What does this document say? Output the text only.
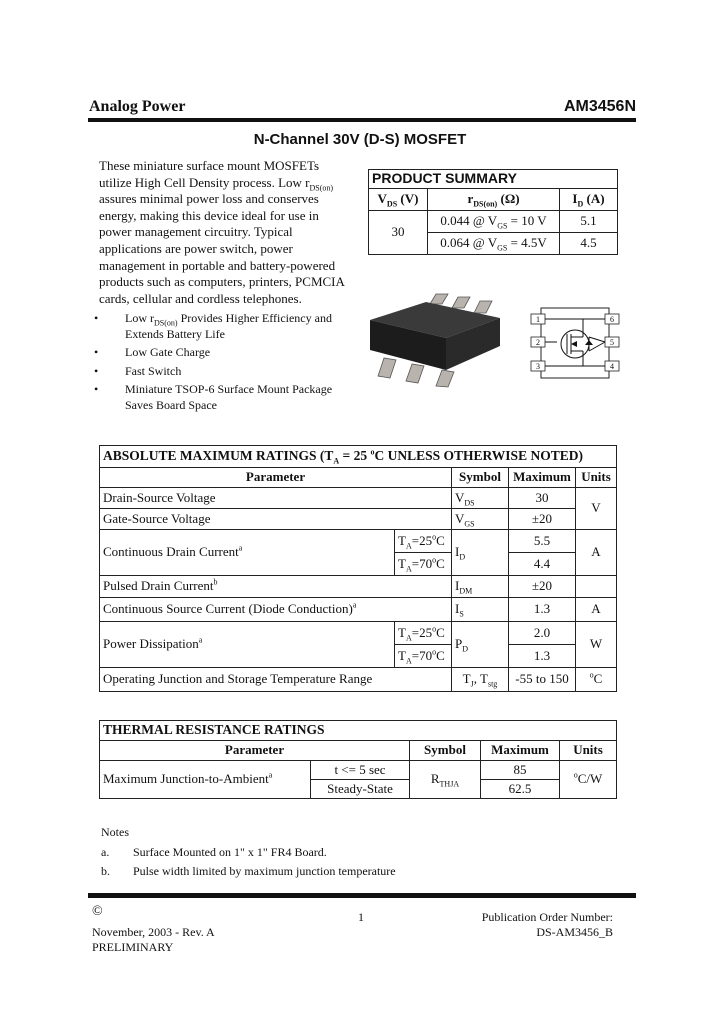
Analog Power	AM3456N
N-Channel 30V (D-S) MOSFET
These miniature surface mount MOSFETs
utilize High Cell Density process. Low $r_{DS(on)}$
assures minimal power loss and conserves
energy, making this device ideal for use in
power management circuitry. Typical
applications are power switch, power
management in portable and battery-powered
products such as computers, printers, PCMCIA
cards, cellular and cordless telephones.
• Low $r_{DS(on)}$ Provides Higher Efficiency and
Extends Battery Life
• Low Gate Charge
• Fast Switch
• Miniature TSOP-6 Surface Mount Package
Saves Board Space
PRODUCT SUMMARY		
$V_{DS}$ (V)	$r_{DS(on)}$ (Ω)	$I_D$ (A)
30	0.044 @ $V_{GS} = 10$ V	5.1
	0.064 @ $V_{GS} = 4.5V$	4.5
1
2
3	4
5
6
ABSOLUTE MAXIMUM RATINGS ($T_A = 25$ $^o$C UNLESS OTHERWISE NOTED)				
Parameter		Symbol	Maximum	Units
Drain-Source Voltage		$V_{DS}$	30	V
Gate-Source Voltage		$V_{GS}$	±20	
Continuous Drain Current$^a$	$T_A=25^oC$	$I_D$	5.5	A
	$T_A=70^oC$		4.4	
Pulsed Drain Current$^b$		$I_{DM}$	±20	
Continuous Source Current (Diode Conduction)$^a$		$I_S$	1.3	A
Power Dissipation$^a$	$T_A=25^oC$	$P_D$	2.0	W
	$T_A=70^oC$		1.3	
Operating Junction and Storage Temperature Range		$T_J$, $T_{stg}$	-55 to 150	$^o$C
THERMAL RESISTANCE RATINGS				
Parameter		Symbol	Maximum	Units
Maximum Junction-to-Ambient$^a$	t <= 5 sec	$R_{THJA}$	85	$^o$C/W
	Steady-State		62.5	
Notes
a. Surface Mounted on 1" x 1" FR4 Board.
b. Pulse width limited by maximum junction temperature
©	1	Publication Order Number:
November, 2003 - Rev. A	DS-AM3456_B
PRELIMINARY
